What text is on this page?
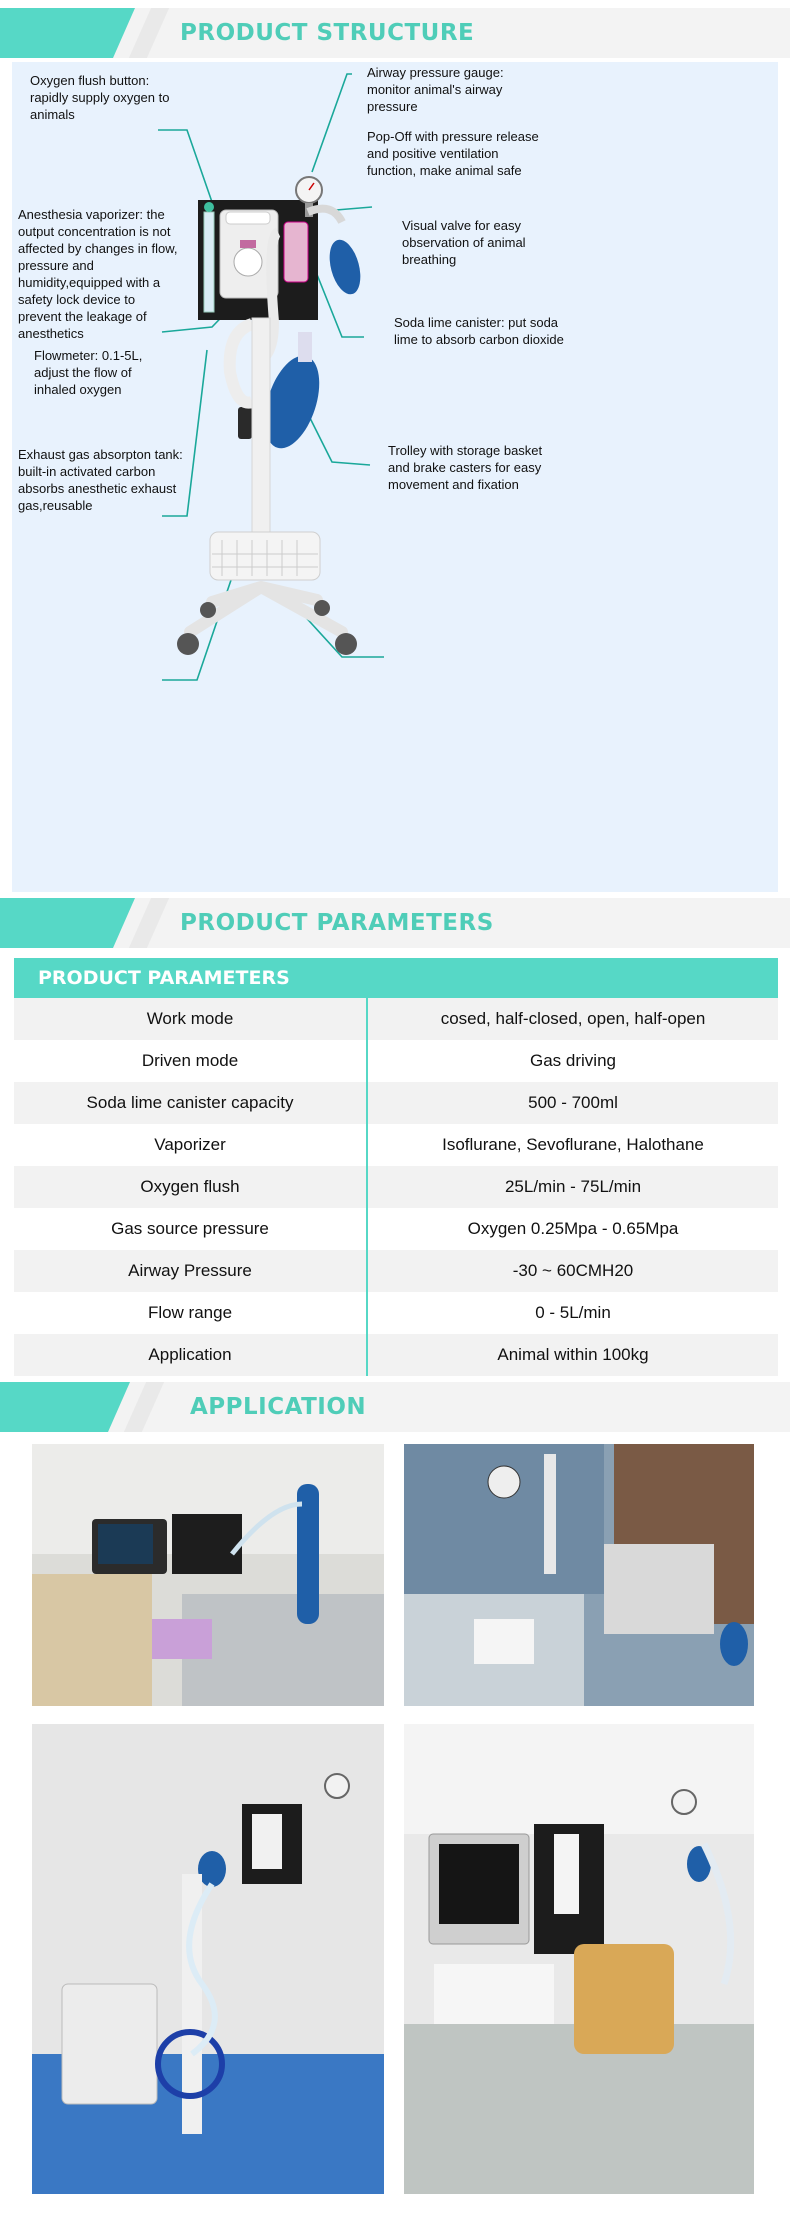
PRODUCT STRUCTURE
Oxygen flush button: rapidly supply oxygen to animals
Airway pressure gauge: monitor animal's airway pressure
Pop-Off with pressure release and positive ventilation function, make animal safe
Anesthesia vaporizer: the output concentration is not affected by changes in flow, pressure and humidity,equipped with a safety lock device to prevent the leakage of anesthetics
Visual valve for easy observation of animal breathing
Soda lime canister: put soda lime to absorb carbon dioxide
Flowmeter: 0.1-5L, adjust the flow of inhaled oxygen
Exhaust gas absorpton tank: built-in activated carbon absorbs anesthetic exhaust gas,reusable
Trolley with storage basket and brake casters for easy movement and fixation
PRODUCT PARAMETERS
PRODUCT PARAMETERS
Work mode	cosed, half-closed, open, half-open
Driven mode	Gas driving
Soda lime canister capacity	500 - 700ml
Vaporizer	Isoflurane, Sevoflurane, Halothane
Oxygen flush	25L/min - 75L/min
Gas source pressure	Oxygen 0.25Mpa - 0.65Mpa
Airway Pressure	-30 ~ 60CMH20
Flow range	0 - 5L/min
Application	Animal within 100kg
APPLICATION
